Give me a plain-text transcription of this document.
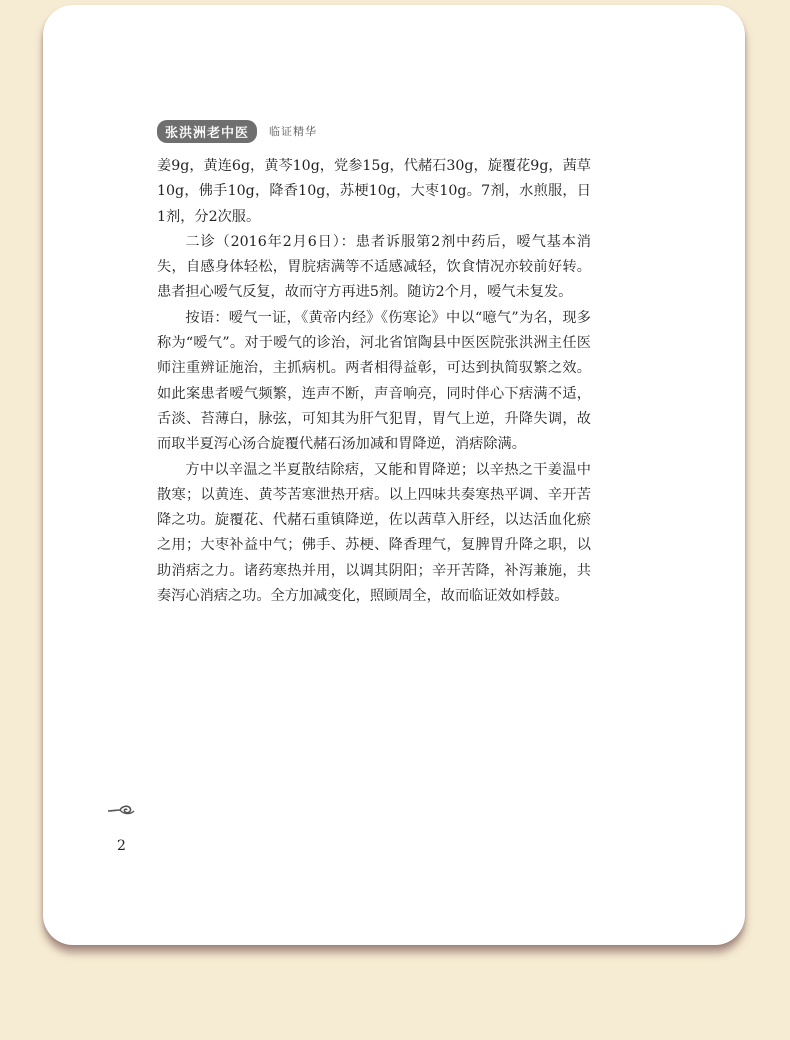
张洪洲老中医	临证精华

姜9g，黄连6g，黄芩10g，党参15g，代赭石30g，旋覆花9g，茜草10g，佛手10g，降香10g，苏梗10g，大枣10g。7剂，水煎服，日1剂，分2次服。

二诊（2016年2月6日）：患者诉服第2剂中药后，嗳气基本消失，自感身体轻松，胃脘痞满等不适感减轻，饮食情况亦较前好转。患者担心嗳气反复，故而守方再进5剂。随访2个月，嗳气未复发。

按语：嗳气一证，《黄帝内经》《伤寒论》中以“噫气”为名，现多称为“嗳气”。对于嗳气的诊治，河北省馆陶县中医医院张洪洲主任医师注重辨证施治，主抓病机。两者相得益彰，可达到执简驭繁之效。如此案患者嗳气频繁，连声不断，声音响亮，同时伴心下痞满不适，舌淡、苔薄白，脉弦，可知其为肝气犯胃，胃气上逆，升降失调，故而取半夏泻心汤合旋覆代赭石汤加减和胃降逆，消痞除满。

方中以辛温之半夏散结除痞，又能和胃降逆；以辛热之干姜温中散寒；以黄连、黄芩苦寒泄热开痞。以上四味共奏寒热平调、辛开苦降之功。旋覆花、代赭石重镇降逆，佐以茜草入肝经，以达活血化瘀之用；大枣补益中气；佛手、苏梗、降香理气，复脾胃升降之职，以助消痞之力。诸药寒热并用，以调其阴阳；辛开苦降，补泻兼施，共奏泻心消痞之功。全方加减变化，照顾周全，故而临证效如桴鼓。

2
